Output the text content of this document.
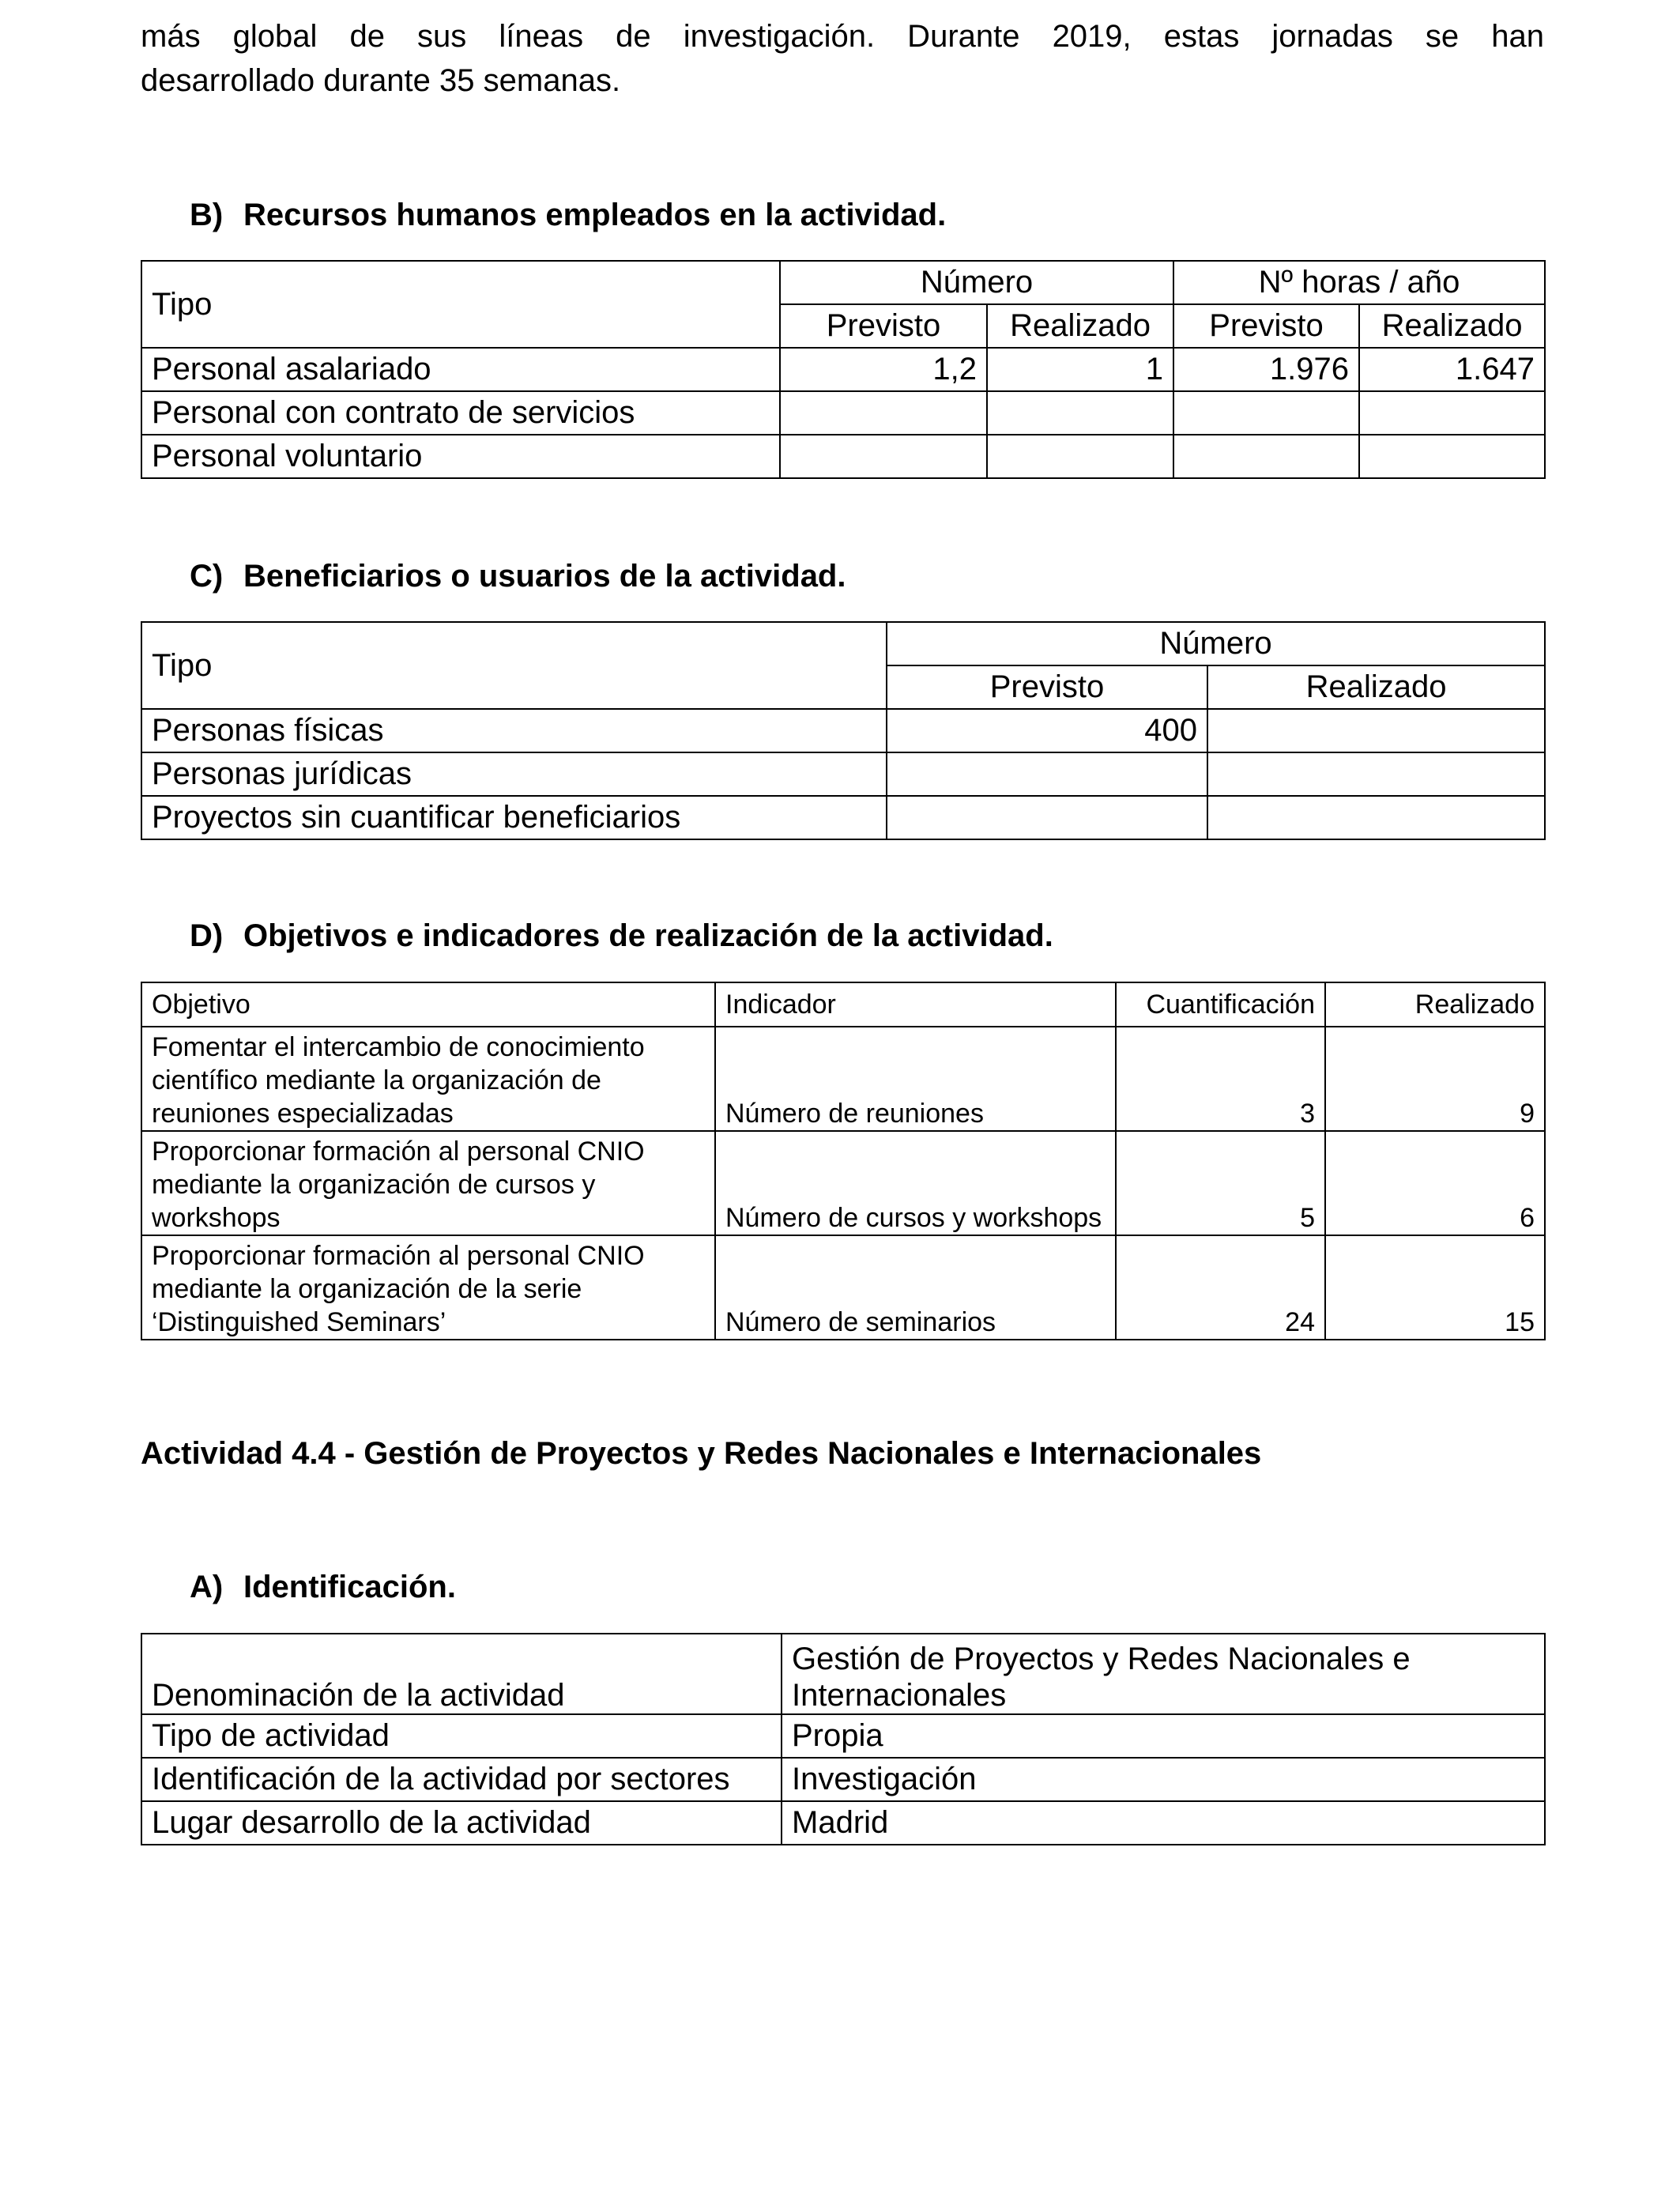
más global de sus líneas de investigación. Durante 2019, estas jornadas se han
desarrollado durante 35 semanas.

B) Recursos humanos empleados en la actividad.
Tipo	Número		Nº horas / año	
	Previsto	Realizado	Previsto	Realizado
Personal asalariado	1,2	1	1.976	1.647
Personal con contrato de servicios				
Personal voluntario				
C) Beneficiarios o usuarios de la actividad.
Tipo	Número	
	Previsto	Realizado
Personas físicas	400	
Personas jurídicas		
Proyectos sin cuantificar beneficiarios		
D) Objetivos e indicadores de realización de la actividad.
Objetivo	Indicador	Cuantificación	Realizado
Fomentar el intercambio de conocimiento científico mediante la organización de reuniones especializadas	Número de reuniones	3	9
Proporcionar formación al personal CNIO mediante la organización de cursos y workshops	Número de cursos y workshops	5	6
Proporcionar formación al personal CNIO mediante la organización de la serie ‘Distinguished Seminars’	Número de seminarios	24	15
Actividad 4.4 - Gestión de Proyectos y Redes Nacionales e Internacionales
A) Identificación.
Denominación de la actividad	Gestión de Proyectos y Redes Nacionales e Internacionales
Tipo de actividad	Propia
Identificación de la actividad por sectores	Investigación
Lugar desarrollo de la actividad	Madrid
